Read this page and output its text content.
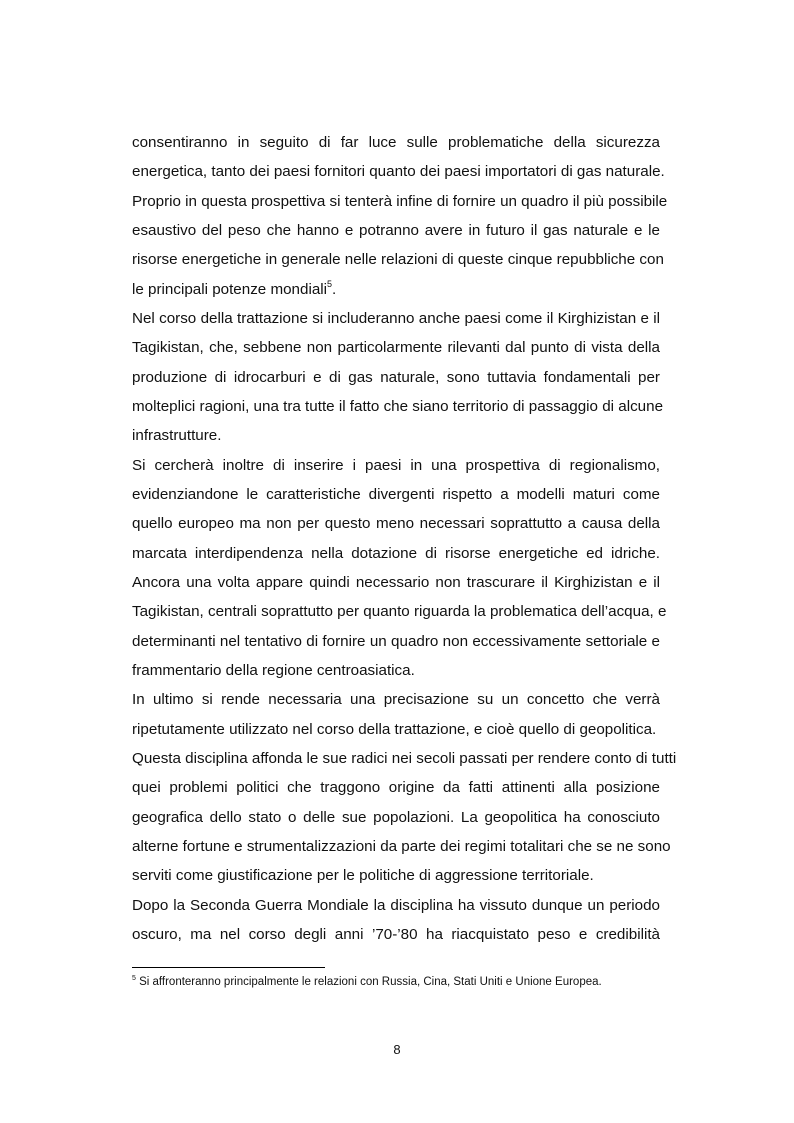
consentiranno in seguito di far luce sulle problematiche della sicurezza
energetica, tanto dei paesi fornitori quanto dei paesi importatori di gas naturale.
Proprio in questa prospettiva si tenterà infine di fornire un quadro il più possibile
esaustivo del peso che hanno e potranno avere in futuro il gas naturale e le
risorse energetiche in generale nelle relazioni di queste cinque repubbliche con
le principali potenze mondiali$^5$.
Nel corso della trattazione si includeranno anche paesi come il Kirghizistan e il
Tagikistan, che, sebbene non particolarmente rilevanti dal punto di vista della
produzione di idrocarburi e di gas naturale, sono tuttavia fondamentali per
molteplici ragioni, una tra tutte il fatto che siano territorio di passaggio di alcune
infrastrutture.
Si cercherà inoltre di inserire i paesi in una prospettiva di regionalismo,
evidenziandone le caratteristiche divergenti rispetto a modelli maturi come
quello europeo ma non per questo meno necessari soprattutto a causa della
marcata interdipendenza nella dotazione di risorse energetiche ed idriche.
Ancora una volta appare quindi necessario non trascurare il Kirghizistan e il
Tagikistan, centrali soprattutto per quanto riguarda la problematica dell’acqua, e
determinanti nel tentativo di fornire un quadro non eccessivamente settoriale e
frammentario della regione centroasiatica.
In ultimo si rende necessaria una precisazione su un concetto che verrà
ripetutamente utilizzato nel corso della trattazione, e cioè quello di geopolitica.
Questa disciplina affonda le sue radici nei secoli passati per rendere conto di tutti
quei problemi politici che traggono origine da fatti attinenti alla posizione
geografica dello stato o delle sue popolazioni. La geopolitica ha conosciuto
alterne fortune e strumentalizzazioni da parte dei regimi totalitari che se ne sono
serviti come giustificazione per le politiche di aggressione territoriale.
Dopo la Seconda Guerra Mondiale la disciplina ha vissuto dunque un periodo
oscuro, ma nel corso degli anni ’70-’80 ha riacquistato peso e credibilità
$^5$ Si affronteranno principalmente le relazioni con Russia, Cina, Stati Uniti e Unione Europea.
8
